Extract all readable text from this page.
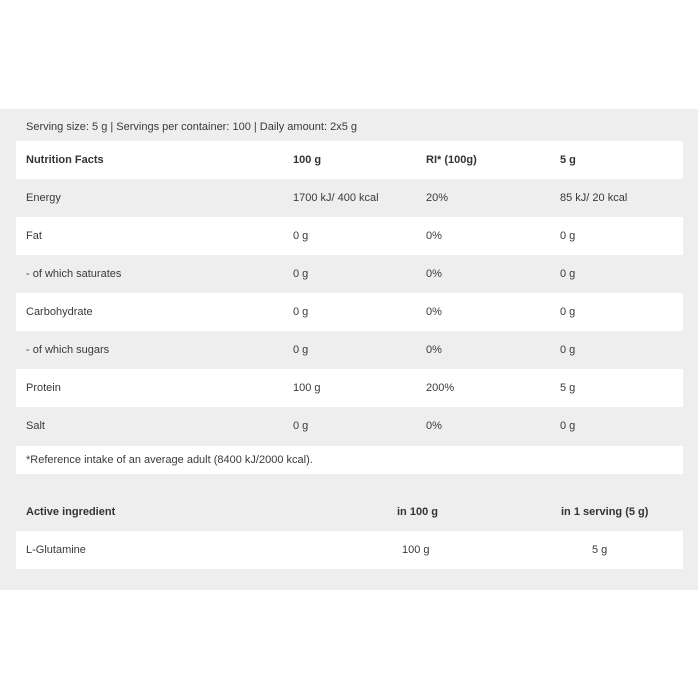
Serving size: 5 g | Servings per container: 100 | Daily amount: 2x5 g
Nutrition Facts	100 g	RI* (100g)	5 g
Energy	1700 kJ/ 400 kcal	20%	85 kJ/ 20 kcal
Fat	0 g	0%	0 g
- of which saturates	0 g	0%	0 g
Carbohydrate	0 g	0%	0 g
- of which sugars	0 g	0%	0 g
Protein	100 g	200%	5 g
Salt	0 g	0%	0 g
*Reference intake of an average adult (8400 kJ/2000 kcal).
Active ingredient	in 100 g	in 1 serving (5 g)
L-Glutamine	100 g	5 g
